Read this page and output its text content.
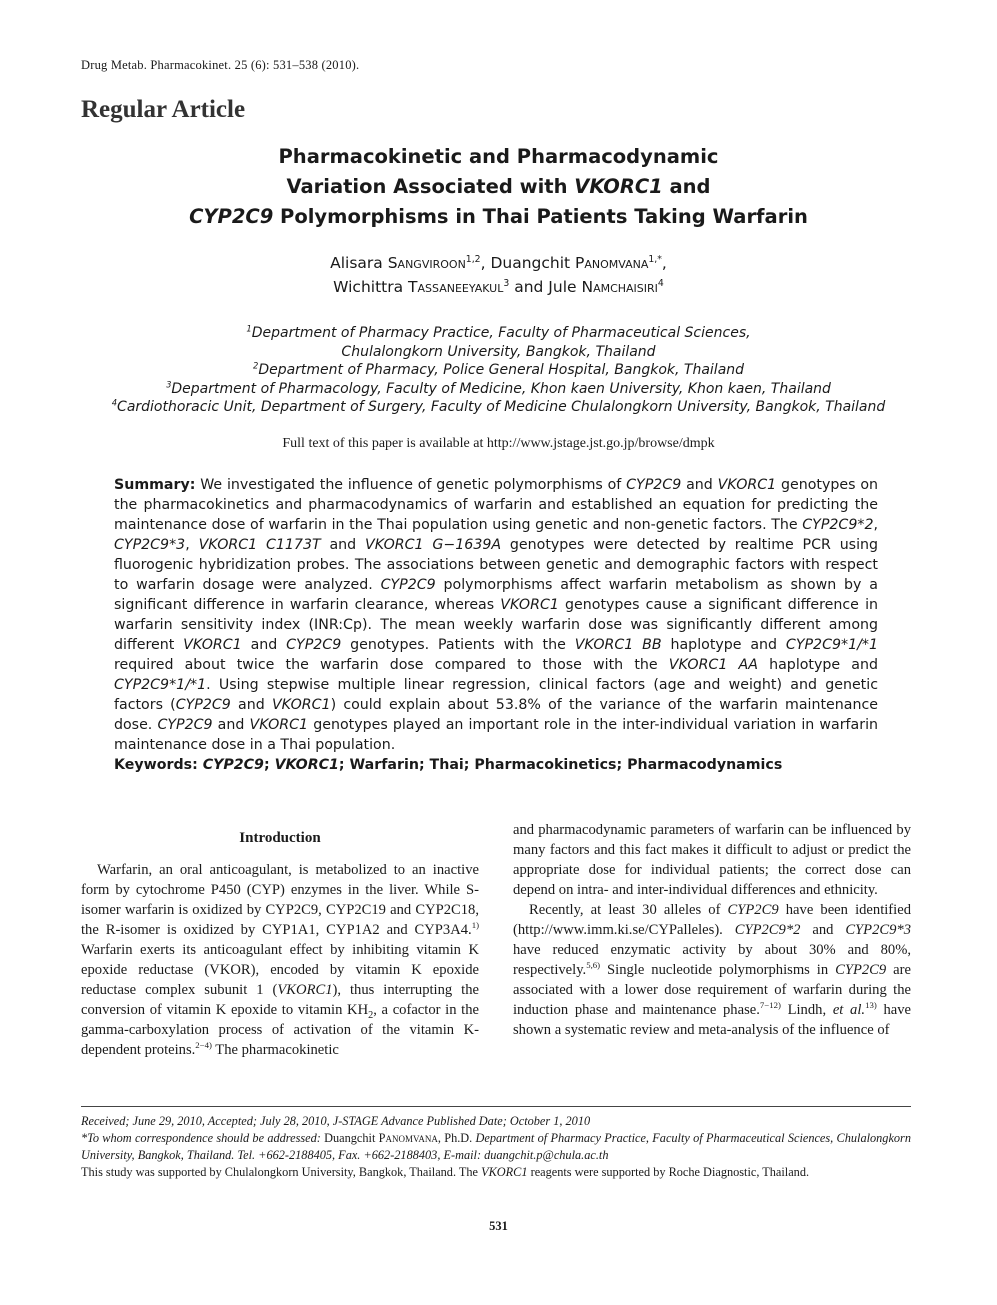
Drug Metab. Pharmacokinet. 25 (6): 531–538 (2010).
Regular Article
Pharmacokinetic and Pharmacodynamic
Variation Associated with VKORC1 and
CYP2C9 Polymorphisms in Thai Patients Taking Warfarin
Alisara Sangviroon$^{1,2}$, Duangchit Panomvana$^{1,*}$,
Wichittra Tassaneeyakul$^3$ and Jule Namchaisiri$^4$
$^1$Department of Pharmacy Practice, Faculty of Pharmaceutical Sciences,
Chulalongkorn University, Bangkok, Thailand
$^2$Department of Pharmacy, Police General Hospital, Bangkok, Thailand
$^3$Department of Pharmacology, Faculty of Medicine, Khon kaen University, Khon kaen, Thailand
$^4$Cardiothoracic Unit, Department of Surgery, Faculty of Medicine Chulalongkorn University, Bangkok, Thailand
Full text of this paper is available at http://www.jstage.jst.go.jp/browse/dmpk
Summary: We investigated the influence of genetic polymorphisms of CYP2C9 and VKORC1 genotypes on the pharmacokinetics and pharmacodynamics of warfarin and established an equation for predicting the maintenance dose of warfarin in the Thai population using genetic and non-genetic factors. The CYP2C9*2, CYP2C9*3, VKORC1 C1173T and VKORC1 G−1639A genotypes were detected by realtime PCR using fluorogenic hybridization probes. The associations between genetic and demographic factors with respect to warfarin dosage were analyzed. CYP2C9 polymorphisms affect warfarin metabolism as shown by a significant difference in warfarin clearance, whereas VKORC1 genotypes cause a significant difference in warfarin sensitivity index (INR:Cp). The mean weekly warfarin dose was significantly different among different VKORC1 and CYP2C9 genotypes. Patients with the VKORC1 BB haplotype and CYP2C9*1/*1 required about twice the warfarin dose compared to those with the VKORC1 AA haplotype and CYP2C9*1/*1. Using stepwise multiple linear regression, clinical factors (age and weight) and genetic factors (CYP2C9 and VKORC1) could explain about 53.8% of the variance of the warfarin maintenance dose. CYP2C9 and VKORC1 genotypes played an important role in the inter-individual variation in warfarin maintenance dose in a Thai population.
Keywords: CYP2C9; VKORC1; Warfarin; Thai; Pharmacokinetics; Pharmacodynamics
Introduction

Warfarin, an oral anticoagulant, is metabolized to an inactive form by cytochrome P450 (CYP) enzymes in the liver. While S-isomer warfarin is oxidized by CYP2C9, CYP2C19 and CYP2C18, the R-isomer is oxidized by CYP1A1, CYP1A2 and CYP3A4.$^{1)}$ Warfarin exerts its anticoagulant effect by inhibiting vitamin K epoxide reductase (VKOR), encoded by vitamin K epoxide reductase complex subunit 1 (VKORC1), thus interrupting the conversion of vitamin K epoxide to vitamin $KH_2$, a cofactor in the gamma-carboxylation process of activation of the vitamin K-dependent proteins.$^{2-4)}$ The pharmacokinetic

and pharmacodynamic parameters of warfarin can be influenced by many factors and this fact makes it difficult to adjust or predict the appropriate dose for individual patients; the correct dose can depend on intra- and inter-individual differences and ethnicity.

Recently, at least 30 alleles of CYP2C9 have been identified (http://www.imm.ki.se/CYPalleles). CYP2C9*2 and CYP2C9*3 have reduced enzymatic activity by about 30% and 80%, respectively.$^{5,6)}$ Single nucleotide polymorphisms in CYP2C9 are associated with a lower dose requirement of warfarin during the induction phase and maintenance phase.$^{7-12)}$ Lindh, et al.$^{13)}$ have shown a systematic review and meta-analysis of the influence of

Received; June 29, 2010, Accepted; July 28, 2010, J-STAGE Advance Published Date; October 1, 2010

*To whom correspondence should be addressed: Duangchit Panomvana, Ph.D. Department of Pharmacy Practice, Faculty of Pharmaceutical Sciences, Chulalongkorn University, Bangkok, Thailand. Tel. +662-2188405, Fax. +662-2188403, E-mail: duangchit.p@chula.ac.th

This study was supported by Chulalongkorn University, Bangkok, Thailand. The VKORC1 reagents were supported by Roche Diagnostic, Thailand.

531
